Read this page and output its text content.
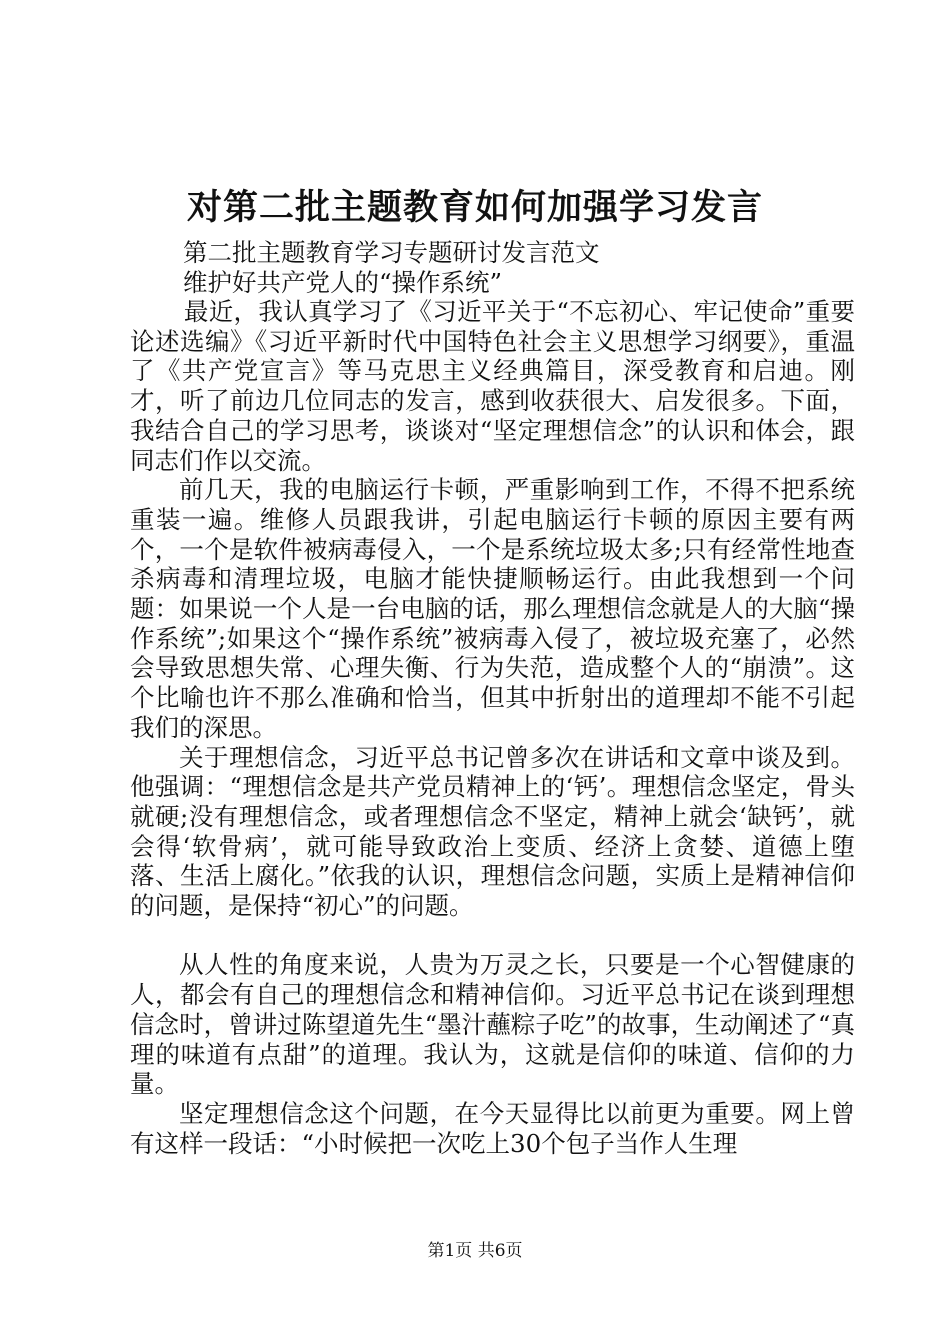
对第二批主题教育如何加强学习发言
第二批主题教育学习专题研讨发言范文
维护好共产党人的“操作系统”

最近，我认真学习了《习近平关于“不忘初心、牢记使命”重要论述选编》《习近平新时代中国特色社会主义思想学习纲要》，重温了《共产党宣言》等马克思主义经典篇目，深受教育和启迪。刚才，听了前边几位同志的发言，感到收获很大、启发很多。下面，我结合自己的学习思考，谈谈对“坚定理想信念”的认识和体会，跟同志们作以交流。

前几天，我的电脑运行卡顿，严重影响到工作，不得不把系统重装一遍。维修人员跟我讲，引起电脑运行卡顿的原因主要有两个，一个是软件被病毒侵入，一个是系统垃圾太多;只有经常性地查杀病毒和清理垃圾，电脑才能快捷顺畅运行。由此我想到一个问题：如果说一个人是一台电脑的话，那么理想信念就是人的大脑“操作系统”;如果这个“操作系统”被病毒入侵了，被垃圾充塞了，必然会导致思想失常、心理失衡、行为失范，造成整个人的“崩溃”。这个比喻也许不那么准确和恰当，但其中折射出的道理却不能不引起我们的深思。

关于理想信念，习近平总书记曾多次在讲话和文章中谈及到。他强调：“理想信念是共产党员精神上的‘钙’。理想信念坚定，骨头就硬;没有理想信念，或者理想信念不坚定，精神上就会‘缺钙’，就会得‘软骨病’，就可能导致政治上变质、经济上贪婪、道德上堕落、生活上腐化。”依我的认识，理想信念问题，实质上是精神信仰的问题，是保持“初心”的问题。

从人性的角度来说，人贵为万灵之长，只要是一个心智健康的人，都会有自己的理想信念和精神信仰。习近平总书记在谈到理想信念时，曾讲过陈望道先生“墨汁蘸粽子吃”的故事，生动阐述了“真理的味道有点甜”的道理。我认为，这就是信仰的味道、信仰的力量。

坚定理想信念这个问题，在今天显得比以前更为重要。网上曾有这样一段话：“小时候把一次吃上30个包子当作人生理

第1页 共6页
